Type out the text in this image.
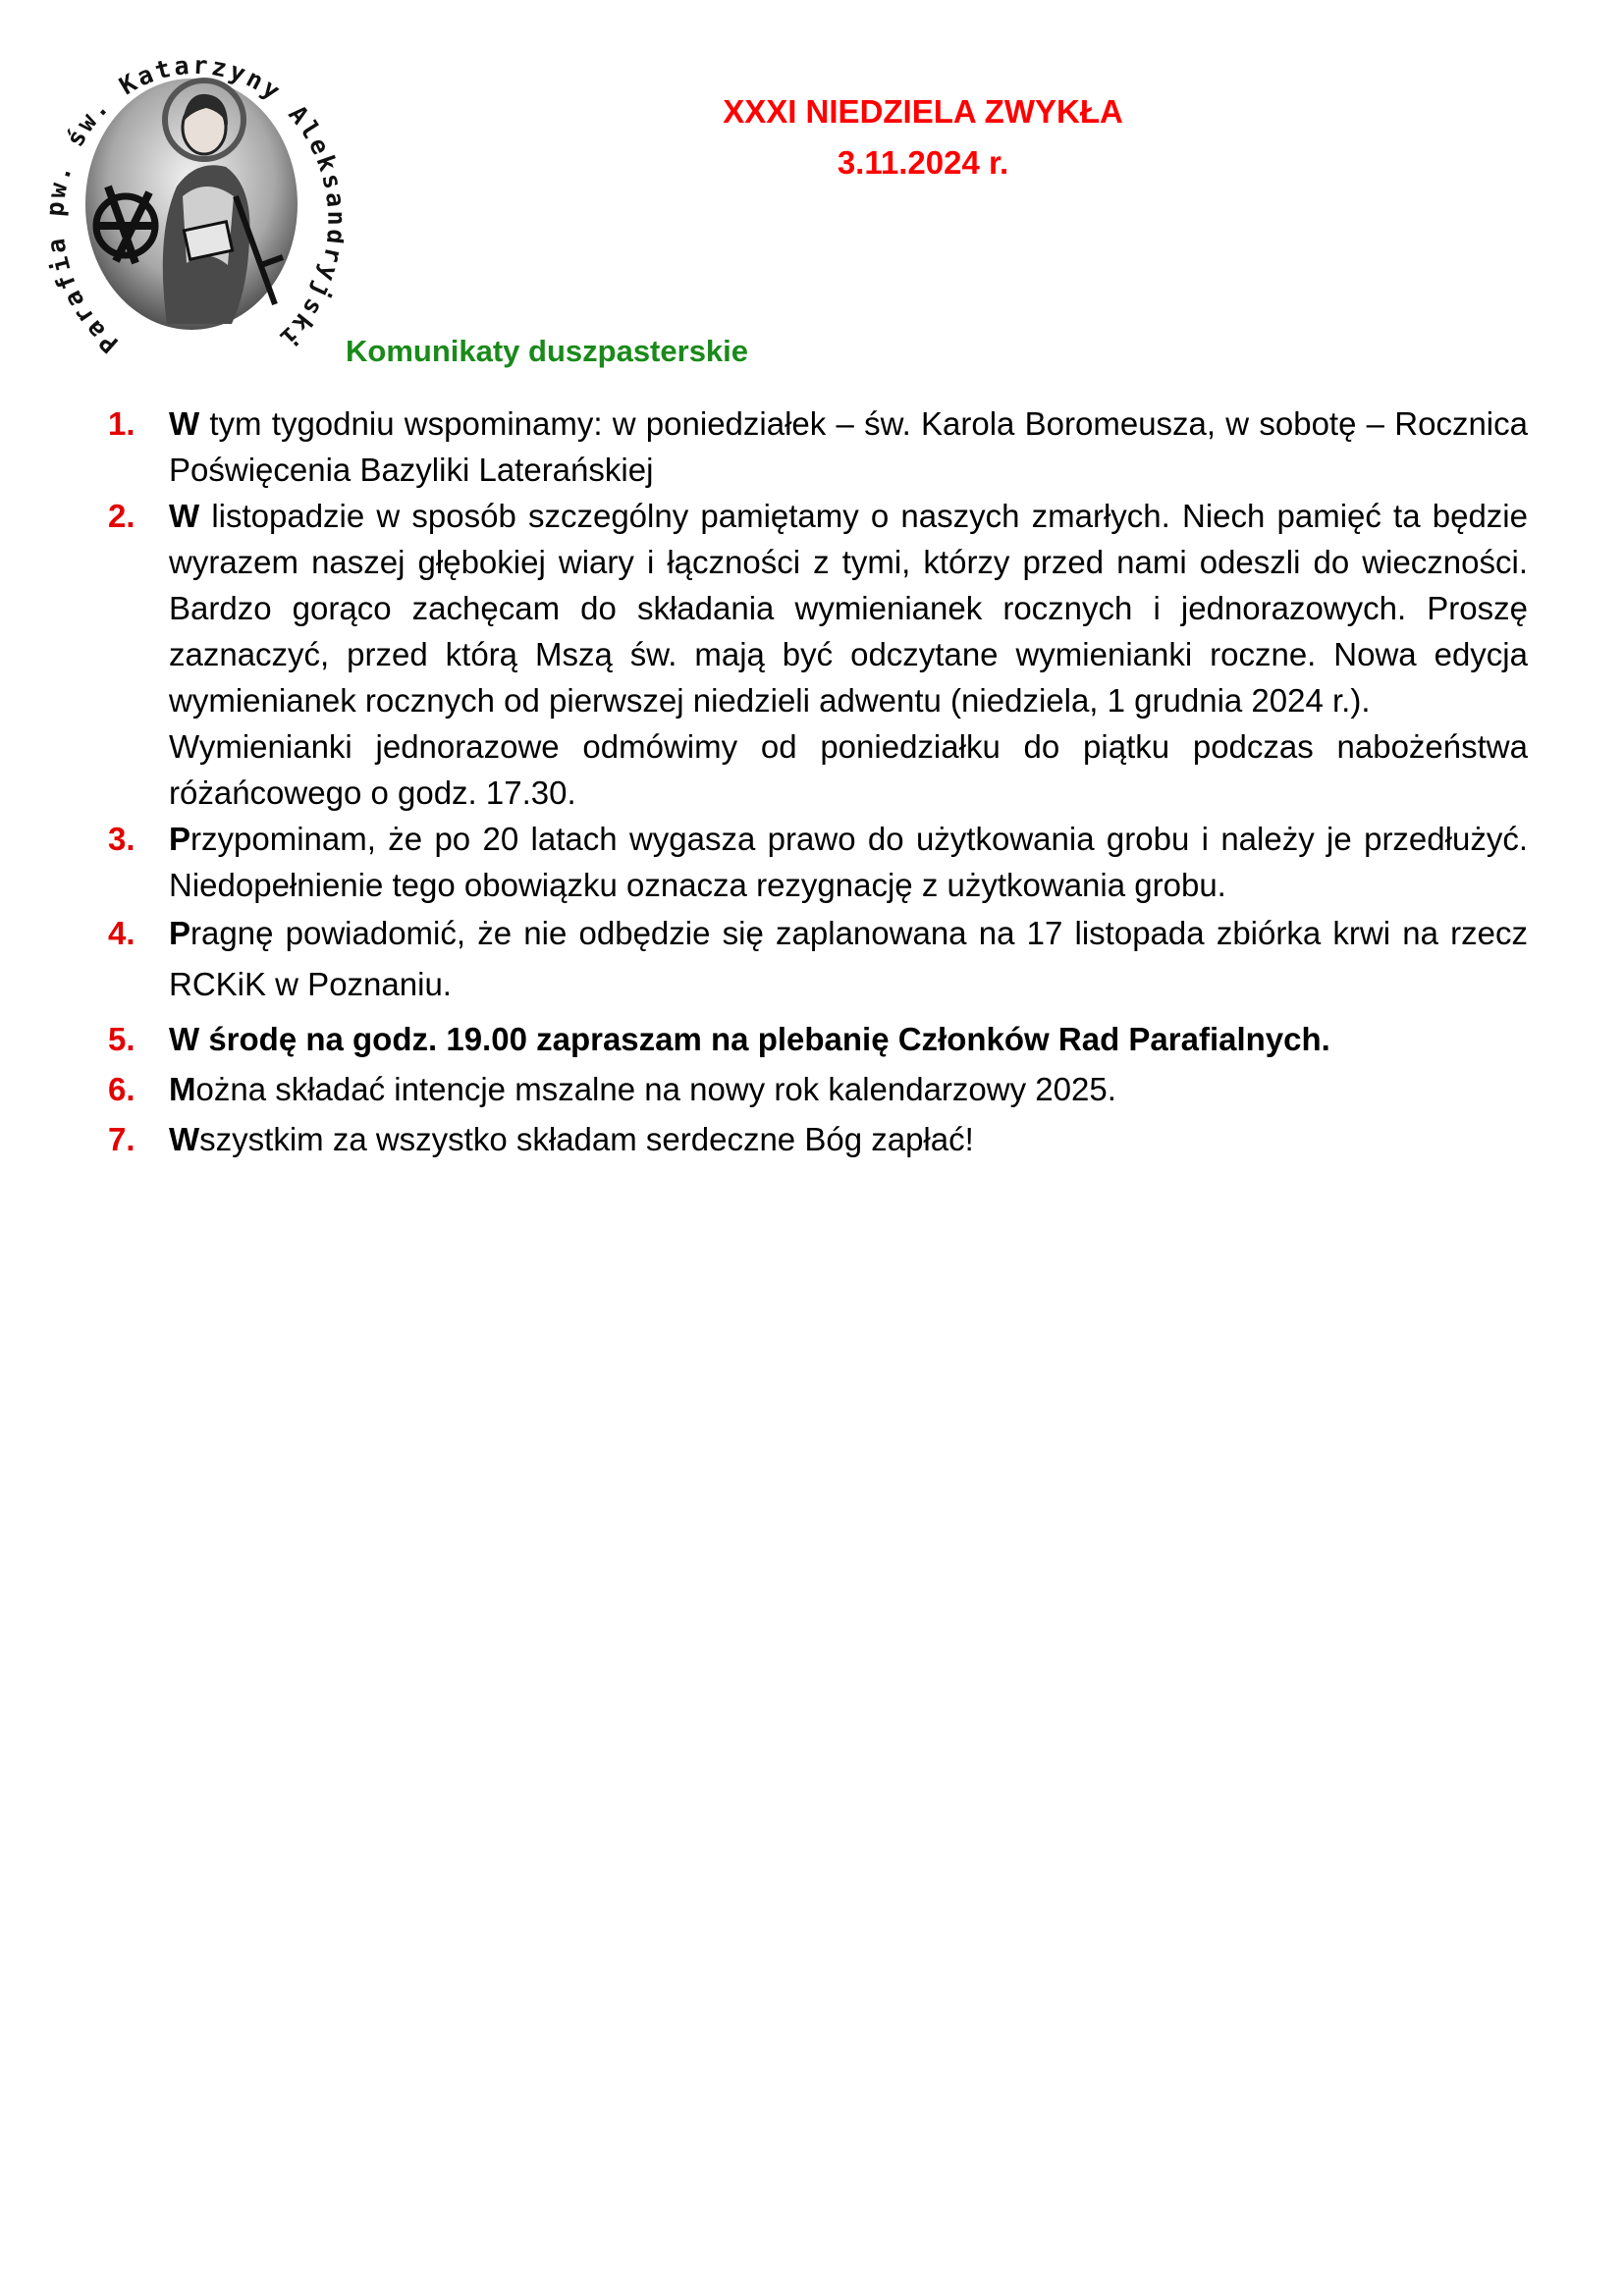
Parafia pw. św. Katarzyny Alek yjski
XXXI NIEDZIELA ZWYKŁA
3.11.2024 r.
Komunikaty duszpasterskie
1. W tym tygodniu wspominamy: w poniedziałek – św. Karola Boromeusza, w sobotę – Rocznica Poświęcenia Bazyliki Laterańskiej
2. W listopadzie w sposób szczególny pamiętamy o naszych zmarłych. Niech pamięć ta będzie wyrazem naszej głębokiej wiary i łączności z tymi, którzy przed nami odeszli do wieczności. Bardzo gorąco zachęcam do składania wymienianek rocznych i jednorazowych. Proszę zaznaczyć, przed którą Mszą św. mają być odczytane wymienianki roczne. Nowa edycja wymienianek rocznych od pierwszej niedzieli adwentu (niedziela, 1 grudnia 2024 r.).
Wymienianki jednorazowe odmówimy od poniedziałku do piątku podczas nabożeństwa różańcowego o godz. 17.30.
3. Przypominam, że po 20 latach wygasza prawo do użytkowania grobu i należy je przedłużyć. Niedopełnienie tego obowiązku oznacza rezygnację z użytkowania grobu.
4. Pragnę powiadomić, że nie odbędzie się zaplanowana na 17 listopada zbiórka krwi na rzecz RCKiK w Poznaniu.
5. W środę na godz. 19.00 zapraszam na plebanię Członków Rad Parafialnych.
6. Można składać intencje mszalne na nowy rok kalendarzowy 2025.
7. Wszystkim za wszystko składam serdeczne Bóg zapłać!
